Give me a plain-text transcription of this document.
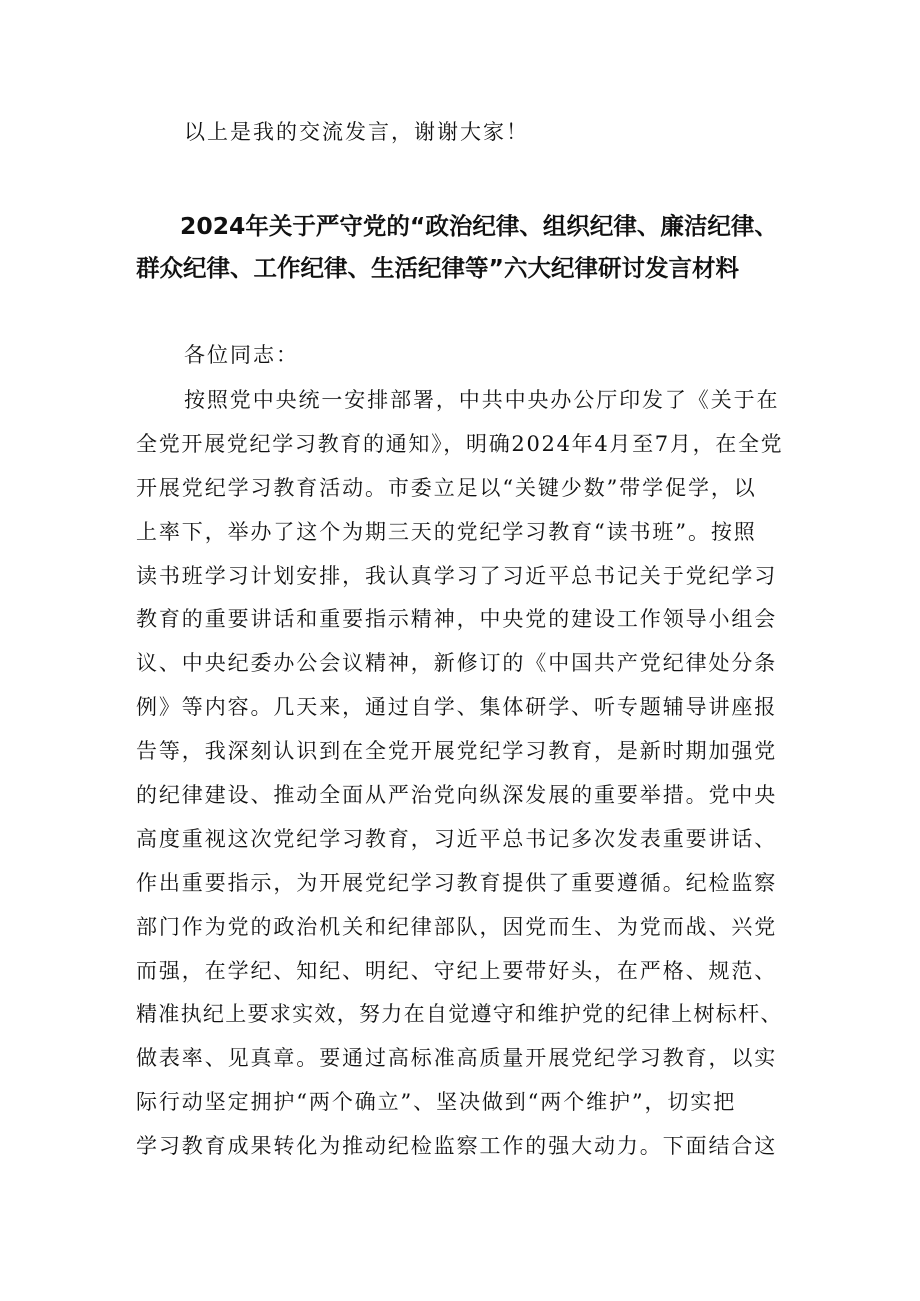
以上是我的交流发言，谢谢大家！
2024年关于严守党的“政治纪律、组织纪律、廉洁纪律、群众纪律、工作纪律、生活纪律等”六大纪律研讨发言材料
各位同志：
按照党中央统一安排部署，中共中央办公厅印发了《关于在
全党开展党纪学习教育的通知》，明确2024年4月至7月，在全党
开展党纪学习教育活动。市委立足以“关键少数”带学促学，以
上率下，举办了这个为期三天的党纪学习教育“读书班”。按照
读书班学习计划安排，我认真学习了习近平总书记关于党纪学习
教育的重要讲话和重要指示精神，中央党的建设工作领导小组会
议、中央纪委办公会议精神，新修订的《中国共产党纪律处分条
例》等内容。几天来，通过自学、集体研学、听专题辅导讲座报
告等，我深刻认识到在全党开展党纪学习教育，是新时期加强党
的纪律建设、推动全面从严治党向纵深发展的重要举措。党中央
高度重视这次党纪学习教育，习近平总书记多次发表重要讲话、
作出重要指示，为开展党纪学习教育提供了重要遵循。纪检监察
部门作为党的政治机关和纪律部队，因党而生、为党而战、兴党
而强，在学纪、知纪、明纪、守纪上要带好头，在严格、规范、
精准执纪上要求实效，努力在自觉遵守和维护党的纪律上树标杆、
做表率、见真章。要通过高标准高质量开展党纪学习教育，以实
际行动坚定拥护“两个确立”、坚决做到“两个维护”，切实把
学习教育成果转化为推动纪检监察工作的强大动力。下面结合这
